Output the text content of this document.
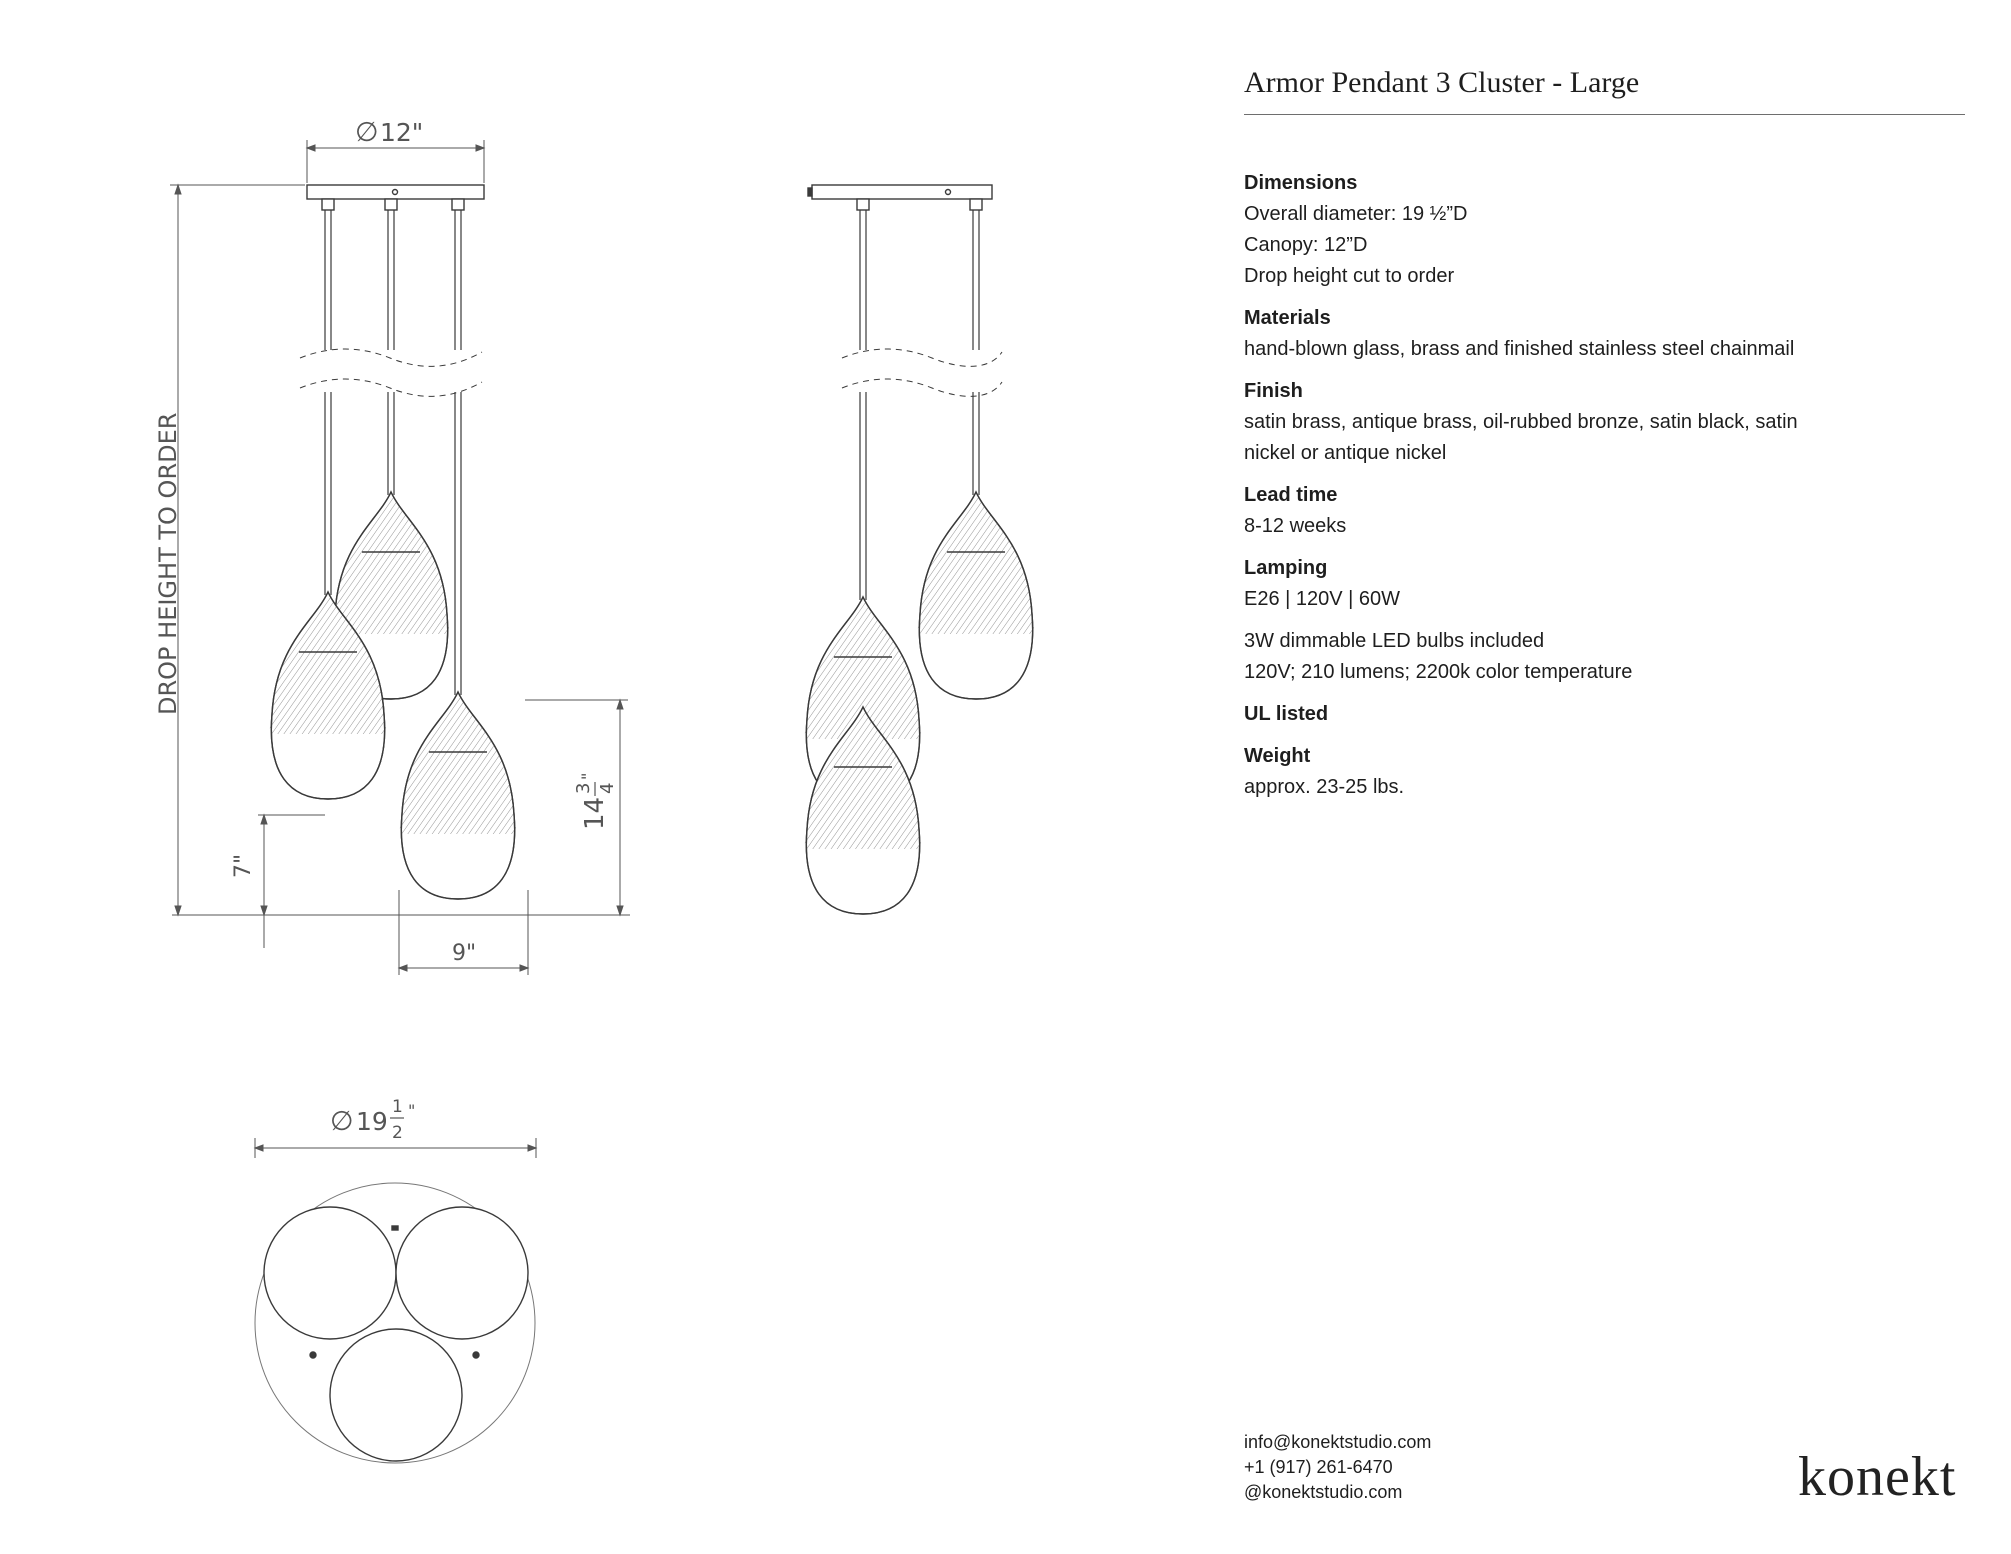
∅ 12"
DROP HEIGHT TO ORDER
7"
14
3 4
"
9"
∅ 19 1
2
"
Armor Pendant 3 Cluster - Large
Dimensions
Overall diameter: 19 ½”D
Canopy: 12”D
Drop height cut to order
Materials
hand-blown glass, brass and finished stainless steel chainmail
Finish
satin brass, antique brass, oil-rubbed bronze, satin black, satin
nickel or antique nickel
Lead time
8-12 weeks
Lamping
E26 | 120V | 60W
3W dimmable LED bulbs included
120V; 210 lumens; 2200k color temperature
UL listed
Weight
approx. 23-25 lbs.
info@konektstudio.com
+1 (917) 261-6470
@konektstudio.com	konekt
